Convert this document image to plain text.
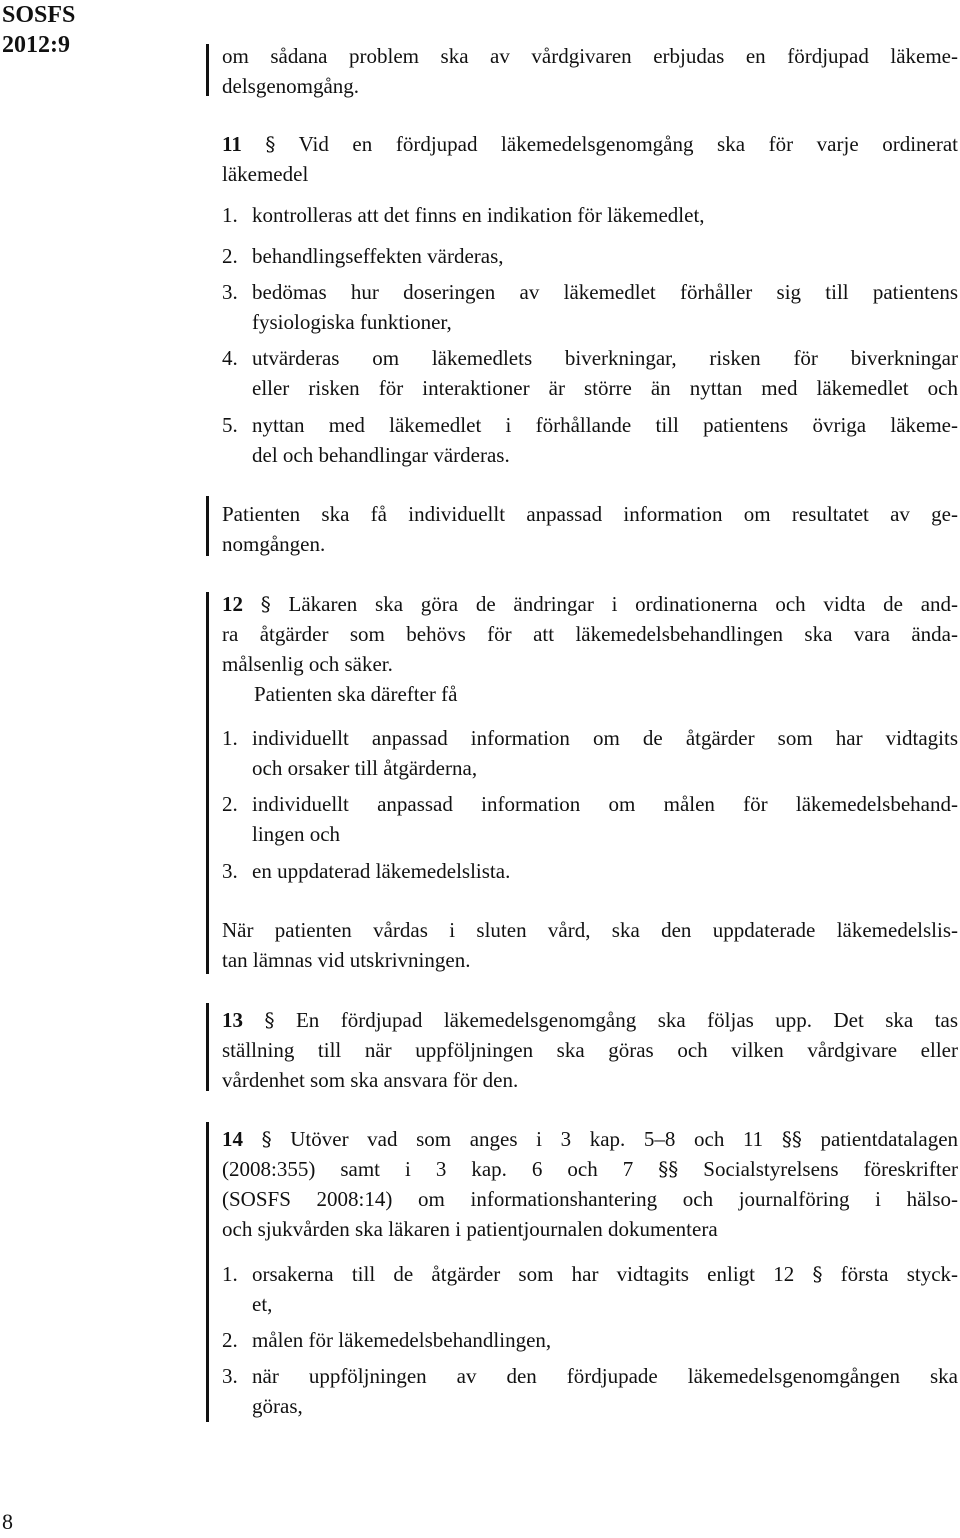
SOSFS
2012:9	om sådana problem ska av vårdgivaren erbjudas en fördjupad läkeme-
delsgenomgång.
11 § Vid en fördjupad läkemedelsgenomgång ska för varje ordinerat
läkemedel
1. kontrolleras att det finns en indikation för läkemedlet,
2. behandlingseffekten värderas,
3. bedömas hur doseringen av läkemedlet förhåller sig till patientens
fysiologiska funktioner,
4. utvärderas om läkemedlets biverkningar, risken för biverkningar
eller risken för interaktioner är större än nyttan med läkemedlet och
5. nyttan med läkemedlet i förhållande till patientens övriga läkeme-
del och behandlingar värderas.
Patienten ska få individuellt anpassad information om resultatet av ge-
nomgången.
12 § Läkaren ska göra de ändringar i ordinationerna och vidta de and-
ra åtgärder som behövs för att läkemedelsbehandlingen ska vara ända-
målsenlig och säker.
Patienten ska därefter få
1. individuellt anpassad information om de åtgärder som har vidtagits
och orsaker till åtgärderna,
2. individuellt anpassad information om målen för läkemedelsbehand-
lingen och
3. en uppdaterad läkemedelslista.
När patienten vårdas i sluten vård, ska den uppdaterade läkemedelslis-
tan lämnas vid utskrivningen.
13 § En fördjupad läkemedelsgenomgång ska följas upp. Det ska tas
ställning till när uppföljningen ska göras och vilken vårdgivare eller
vårdenhet som ska ansvara för den.
14 § Utöver vad som anges i 3 kap. 5–8 och 11 §§ patientdatalagen
(2008:355) samt i 3 kap. 6 och 7 §§ Socialstyrelsens föreskrifter
(SOSFS 2008:14) om informationshantering och journalföring i hälso-
och sjukvården ska läkaren i patientjournalen dokumentera
1. orsakerna till de åtgärder som har vidtagits enligt 12 § första styck-
et,
2. målen för läkemedelsbehandlingen,
3. när uppföljningen av den fördjupade läkemedelsgenomgången ska
göras,
8
